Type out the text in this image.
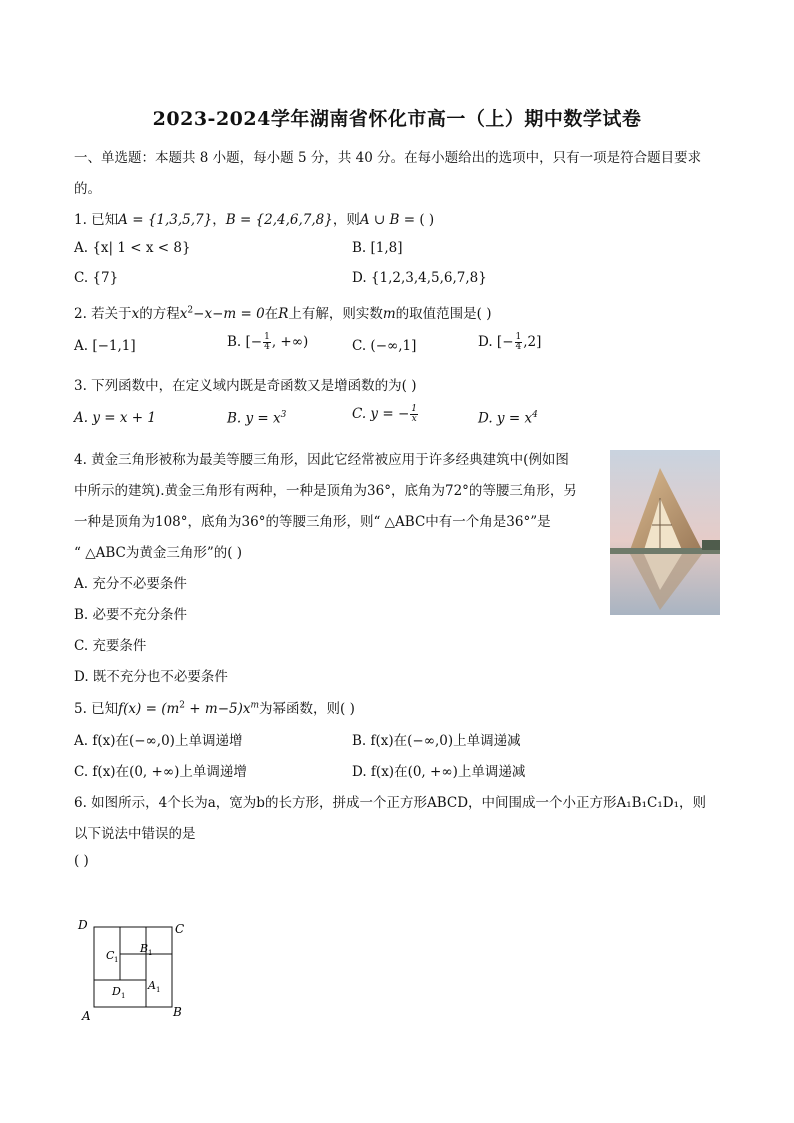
2023-2024学年湖南省怀化市高一（上）期中数学试卷
一、单选题：本题共 8 小题，每小题 5 分，共 40 分。在每小题给出的选项中，只有一项是符合题目要求
的。
1. 已知A = {1,3,5,7}，B = {2,4,6,7,8}，则A ∪ B = ( )
A. {x| 1 < x < 8}	B. [1,8]
C. {7}	D. {1,2,3,4,5,6,7,8}
2. 若关于x的方程$x^2-x-m = 0$在R上有解，则实数m的取值范围是( )
A. [−1,1]	B. [− $\frac{1}{4}$ , +∞)	C. (−∞,1]	D. [− $\frac{1}{4} ,2$]
3. 下列函数中，在定义域内既是奇函数又是增函数的为( )
A. y = x + 1	B. $y = x^3$	C. y = − $\frac{1}{x}$	D. $y = x^4$
4. 黄金三角形被称为最美等腰三角形，因此它经常被应用于许多经典建筑中(例如图
中所示的建筑).黄金三角形有两种，一种是顶角为36°，底角为72°的等腰三角形，另
一种是顶角为108°，底角为36°的等腰三角形，则“ △ABC中有一个角是36°”是
“ △ABC为黄金三角形”的( )
A. 充分不必要条件
B. 必要不充分条件
C. 充要条件
D. 既不充分也不必要条件
5. 已知$f(x) = (m^2 + m-5)x^m$为幂函数，则( )
A. f(x)在(−∞,0)上单调递增	B. f(x)在(−∞,0)上单调递减
C. f(x)在(0, +∞)上单调递增	D. f(x)在(0, +∞)上单调递减
6. 如图所示，4个长为a，宽为b的长方形，拼成一个正方形ABCD，中间围成一个小正方形A₁B₁C₁D₁，则
以下说法中错误的是
( )
D	C
A	B
C 1
B 1
D 1
A 1
